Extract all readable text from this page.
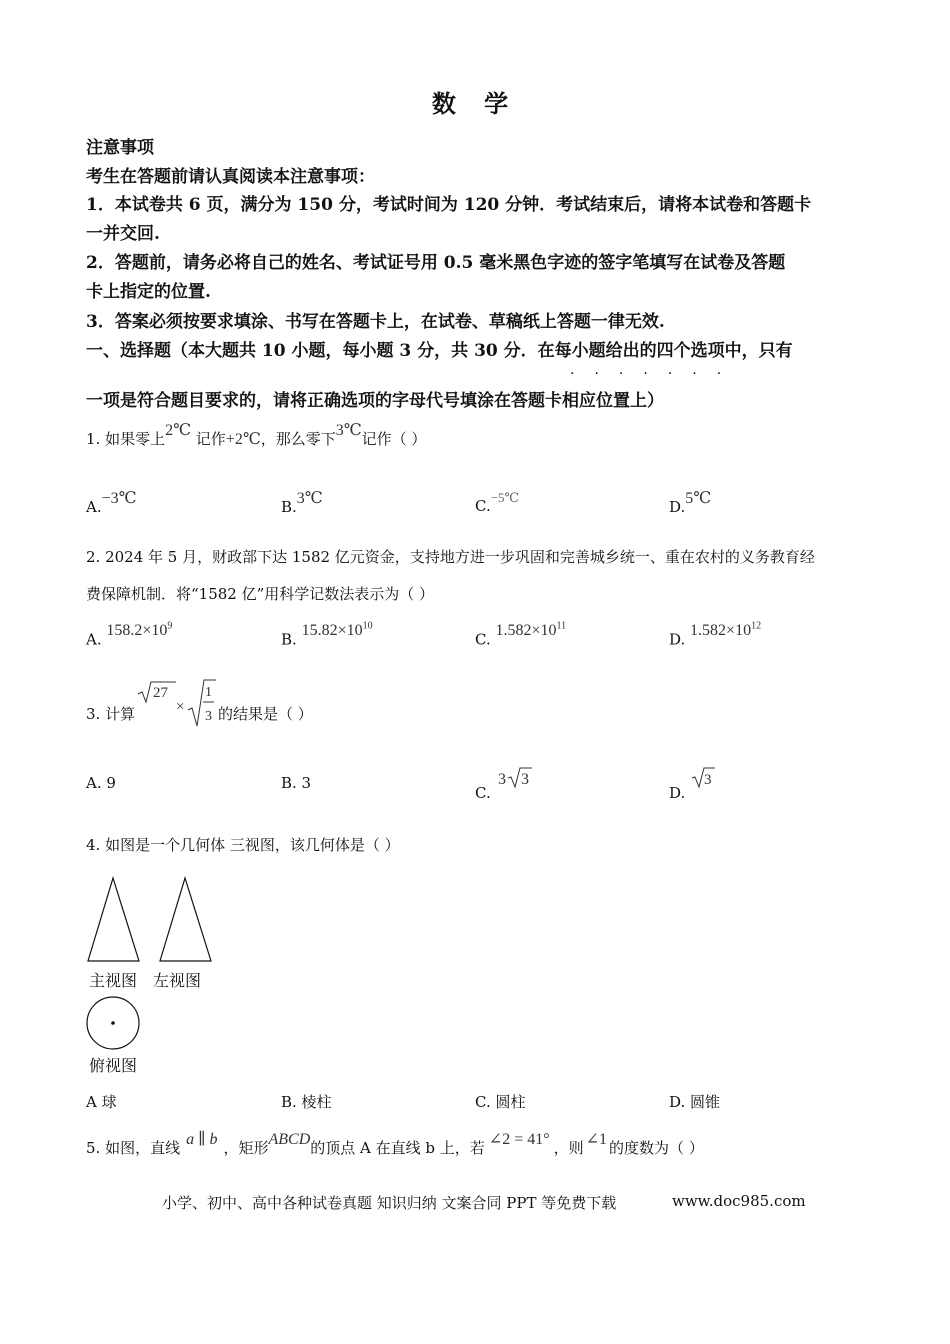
数 学
注意事项
考生在答题前请认真阅读本注意事项：
1．本试卷共 6 页，满分为 150 分，考试时间为 120 分钟．考试结束后，请将本试卷和答题卡
一并交回.
2．答题前，请务必将自己的姓名、考试证号用 0.5 毫米黑色字迹的签字笔填写在试卷及答题
卡上指定的位置.
3．答案必须按要求填涂、书写在答题卡上，在试卷、草稿纸上答题一律无效.
一、选择题（本大题共 10 小题，每小题 3 分，共 30 分．在每小题给出的四个选项中，只有
.......
一项是符合题目要求的，请将正确选项的字母代号填涂在答题卡相应位置上）
1. 如果零上2℃ 记作+2℃，那么零下3℃记作（ ）
A.−3℃	B.3℃	C.−5℃
D.5℃
2. 2024 年 5 月，财政部下达 1582 亿元资金，支持地方进一步巩固和完善城乡统一、重在农村的义务教育经
费保障机制．将“1582 亿”用科学记数法表示为（ ）
A. $158.2\times 10^9$
B. $15.82\times 10^{10}$
C. $1.582\times 10^{11}$
D. $1.582\times 10^{12}$
3. 计算
27
×
1
3 的结果是（ ）
A. 9	B. 3
C.
3 3
D.
3
4. 如图是一个几何体 三视图，该几何体是（ ）
主视图 左视图
俯视图
A 球	B. 棱柱	C. 圆柱	D. 圆锥
5. 如图，直线 a ∥ b ，矩形ABCD的顶点 A 在直线 b 上，若 ∠2 = 41° ，则 ∠1 的度数为（ ）
小学、初中、高中各种试卷真题 知识归纳 文案合同 PPT 等免费下载	www.doc985.com
